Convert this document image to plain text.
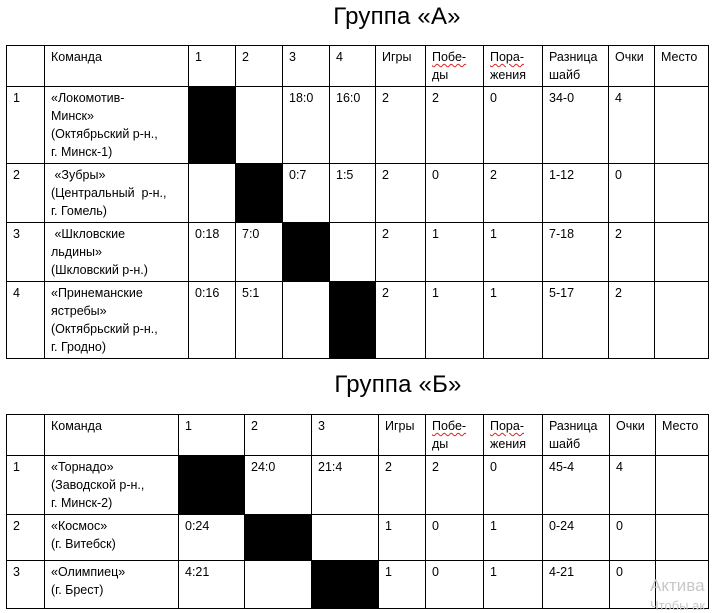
Группа «А»

	Команда	1	2	3	4	Игры	Побе-
ды	Пора-
жения	Разница
шайб	Очки	Место

1	«Локомотив-
Минск»
(Октябрьский р-н.,
г. Минск-1)			18:0	16:0	2	2	0	34-0	4	
2	«Зубры»
(Центральный  р-н.,
г. Гомель)			0:7	1:5	2	0	2	1-12	0	
3	«Шкловские
льдины»
(Шкловский р-н.)	0:18	7:0			2	1	1	7-18	2	
4	«Принеманские
ястребы»
(Октябрьский р-н.,
г. Гродно)	0:16	5:1			2	1	1	5-17	2	
Группа «Б»

	Команда	1	2	3	Игры	Побе-
ды	Пора-
жения	Разница
шайб	Очки	Место

1	«Торнадо»
(Заводской р-н.,
г. Минск-2)		24:0	21:4	2	2	0	45-4	4	
2	«Космос»
(г. Витебск)	0:24			1	0	1	0-24	0	
3	«Олимпиец»
(г. Брест)	4:21			1	0	1	4-21	0	
Актива
Чтобы ак
